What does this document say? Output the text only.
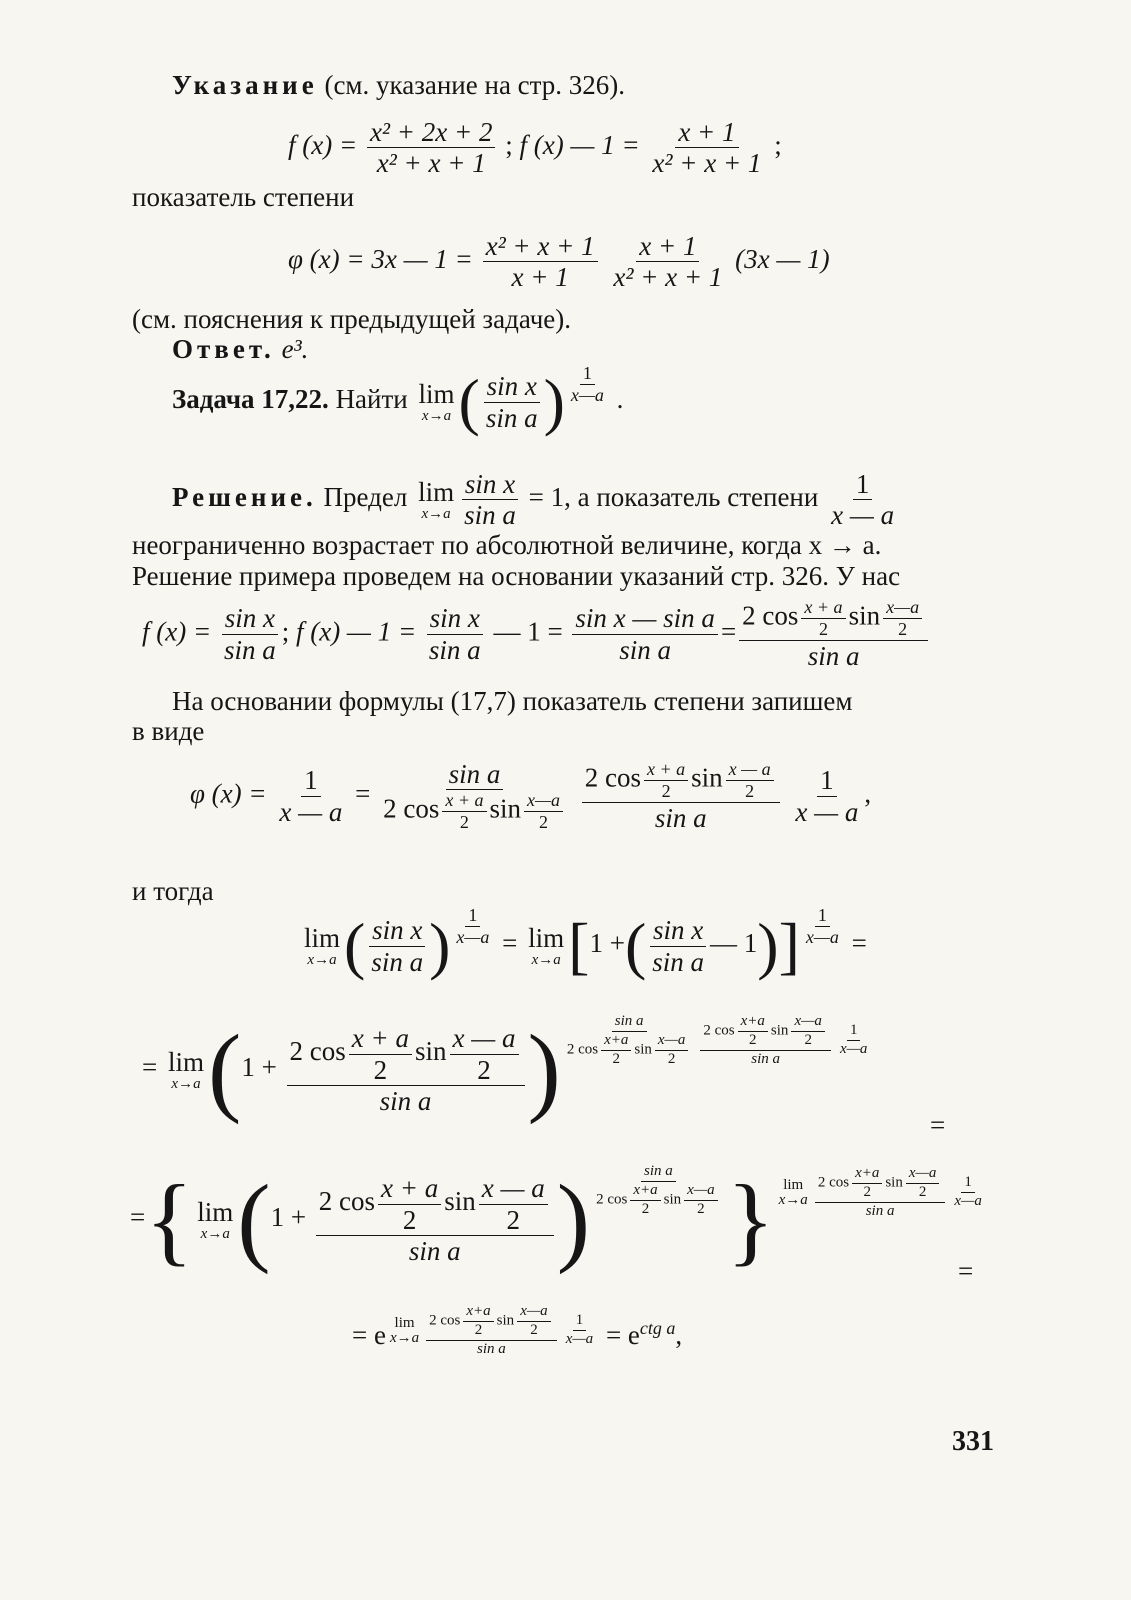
Указание (см. указание на стр. 326).
f $(x) = \frac{\text{x² + 2x + 2}}{\text{x² + x + 1}}$ ; f (x) — $1 = \frac{x + 1}{\text{x² + x + 1}}$ ;
показатель степени
φ (x) = 3x — $1 = \frac{\text{x² + x + 1}}{x + 1}$
$\frac{x + 1}{\text{x² + x + 1}} (3x$ — 1)
(см. пояснения к предыдущей задаче).
Ответ. e³.
Задача 17,22. Найти lim
x→a ( $\frac{\text{sin x}}{\text{sin a}}$ ) $\frac{1}{x—a}$ .
Решение. Предел lim
$x\to a \frac{\text{sin x}}{\text{sin a}} = 1$, а показатель степени $\frac{1}{x — a}$
неограниченно возрастает по абсолютной величине, когда x → a.
Решение примера проведем на основании указаний стр. 326. У нас
f $(x) = \frac{\text{sin x}}{\text{sin a}}$ ; f (x) — $1 = \frac{\text{sin x}}{\text{sin a}}$ — $1 = \frac{\text{sin x — sin a}}{\text{sin a}} = \frac{2 \cos \frac{x + a}{2} \sin \frac{x—a}{2}}{\text{sin a}}$
На основании формулы (17,7) показатель степени запишем
в виде
φ $(x) = \frac{1}{x — a} = \frac{\text{sin a}}{2 \cos \frac{x + a}{2} \sin \frac{x—a}{2}}$
$\frac{2 \cos \frac{x + a}{2} \sin \frac{x — a}{2}}{\text{sin a}}$
$\frac{1}{x — a}$ ,
и тогда
lim
x→a ( $\frac{\text{sin x}}{\text{sin a}}$ ) $\frac{1}{x—a} = \lim$
x→a [1 +( $\frac{\text{sin x}}{\text{sin a}}$ — $1)] \frac{1}{x—a}$ =
= lim
x→a ($1 + \frac{2 \cos \frac{x + a}{2} \sin \frac{x — a}{2}}{\text{sin a}}$ ) $\frac{\text{sin a}}{2 \cos \frac{x+a}{2} \sin \frac{x—a}{2}} \frac{2 \cos \frac{x+a}{2} \sin \frac{x—a}{2}}{\text{sin a}} \frac{1}{x—a}$
=
={ lim
x→a ($1 + \frac{2 \cos \frac{x + a}{2} \sin \frac{x — a}{2}}{\text{sin a}}$ ) $\frac{\text{sin a}}{2 \cos \frac{x+a}{2} \sin \frac{x—a}{2}}$ } lim
$x\to a \frac{2 \cos \frac{x+a}{2} \sin \frac{x—a}{2}}{\text{sin a}} \frac{1}{x—a}$
=
= e lim
$x\to a \frac{2 \cos \frac{x+a}{2} \sin \frac{x—a}{2}}{\text{sin a}} \frac{1}{x—a} = e^{ctg a}$,
331
